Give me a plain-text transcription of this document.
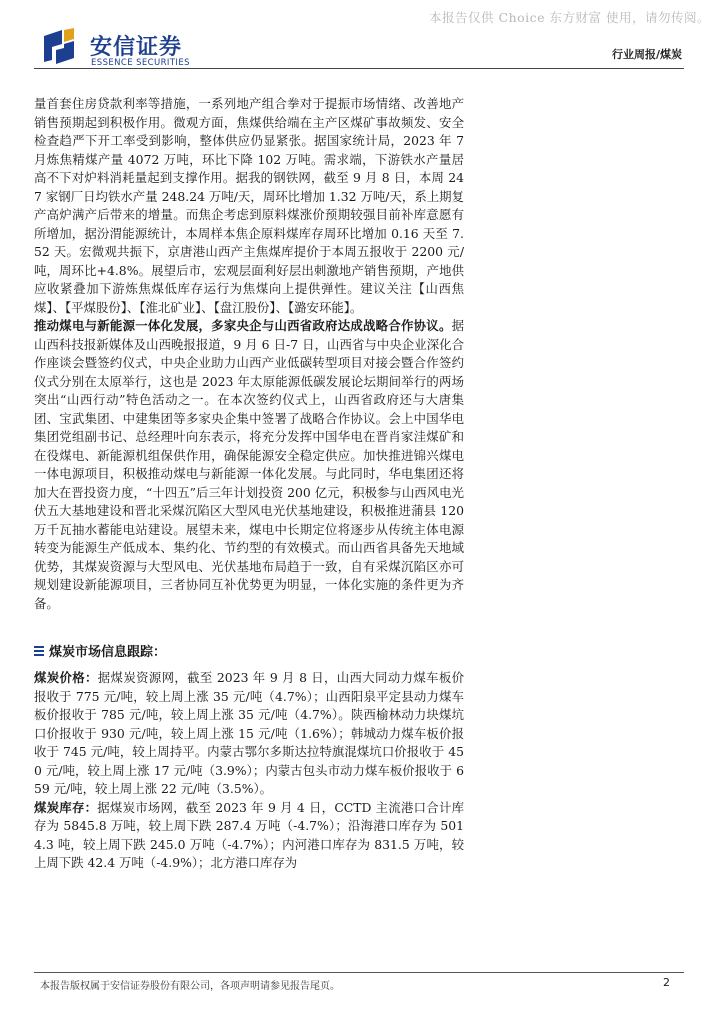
本报告仅供 Choice 东方财富 使用，请勿传阅。
安信证券
ESSENCE SECURITIES
行业周报/煤炭

量首套住房贷款利率等措施，一系列地产组合拳对于提振市场情绪、改善地产销售预期起到积极作用。微观方面，焦煤供给端在主产区煤矿事故频发、安全检查趋严下开工率受到影响，整体供应仍显紧张。据国家统计局，2023 年 7 月炼焦精煤产量 4072 万吨，环比下降 102 万吨。需求端，下游铁水产量居高不下对炉料消耗量起到支撑作用。据我的钢铁网，截至 9 月 8 日，本周 247 家钢厂日均铁水产量 248.24 万吨/天，周环比增加 1.32 万吨/天，系上期复产高炉满产后带来的增量。而焦企考虑到原料煤涨价预期较强目前补库意愿有所增加，据汾渭能源统计，本周样本焦企原料煤库存周环比增加 0.16 天至 7.52 天。宏微观共振下，京唐港山西产主焦煤库提价于本周五报收于 2200 元/吨，周环比+4.8%。展望后市，宏观层面利好层出刺激地产销售预期，产地供应收紧叠加下游炼焦煤低库存运行为焦煤向上提供弹性。建议关注【山西焦煤】、【平煤股份】、【淮北矿业】、【盘江股份】、【潞安环能】。

推动煤电与新能源一体化发展，多家央企与山西省政府达成战略合作协议。据山西科技报新媒体及山西晚报报道，9 月 6 日-7 日，山西省与中央企业深化合作座谈会暨签约仪式，中央企业助力山西产业低碳转型项目对接会暨合作签约仪式分别在太原举行，这也是 2023 年太原能源低碳发展论坛期间举行的两场突出“山西行动”特色活动之一。在本次签约仪式上，山西省政府还与大唐集团、宝武集团、中建集团等多家央企集中签署了战略合作协议。会上中国华电集团党组副书记、总经理叶向东表示，将充分发挥中国华电在晋肖家洼煤矿和在役煤电、新能源机组保供作用，确保能源安全稳定供应。加快推进锦兴煤电一体电源项目，积极推动煤电与新能源一体化发展。与此同时，华电集团还将加大在晋投资力度，“十四五”后三年计划投资 200 亿元，积极参与山西风电光伏五大基地建设和晋北采煤沉陷区大型风电光伏基地建设，积极推进蒲县 120 万千瓦抽水蓄能电站建设。展望未来，煤电中长期定位将逐步从传统主体电源转变为能源生产低成本、集约化、节约型的有效模式。而山西省具备先天地域优势，其煤炭资源与大型风电、光伏基地布局趋于一致，自有采煤沉陷区亦可规划建设新能源项目，三者协同互补优势更为明显，一体化实施的条件更为齐备。

煤炭市场信息跟踪：

煤炭价格：据煤炭资源网，截至 2023 年 9 月 8 日，山西大同动力煤车板价报收于 775 元/吨，较上周上涨 35 元/吨（4.7%）；山西阳泉平定县动力煤车板价报收于 785 元/吨，较上周上涨 35 元/吨（4.7%）。陕西榆林动力块煤坑口价报收于 930 元/吨，较上周上涨 15 元/吨（1.6%）；韩城动力煤车板价报收于 745 元/吨，较上周持平。内蒙古鄂尔多斯达拉特旗混煤坑口价报收于 450 元/吨，较上周上涨 17 元/吨（3.9%）；内蒙古包头市动力煤车板价报收于 659 元/吨，较上周上涨 22 元/吨（3.5%）。

煤炭库存：据煤炭市场网，截至 2023 年 9 月 4 日，CCTD 主流港口合计库存为 5845.8 万吨，较上周下跌 287.4 万吨（-4.7%）；沿海港口库存为 5014.3 吨，较上周下跌 245.0 万吨（-4.7%）；内河港口库存为 831.5 万吨，较上周下跌 42.4 万吨（-4.9%）；北方港口库存为

本报告版权属于安信证券股份有限公司，各项声明请参见报告尾页。	2
